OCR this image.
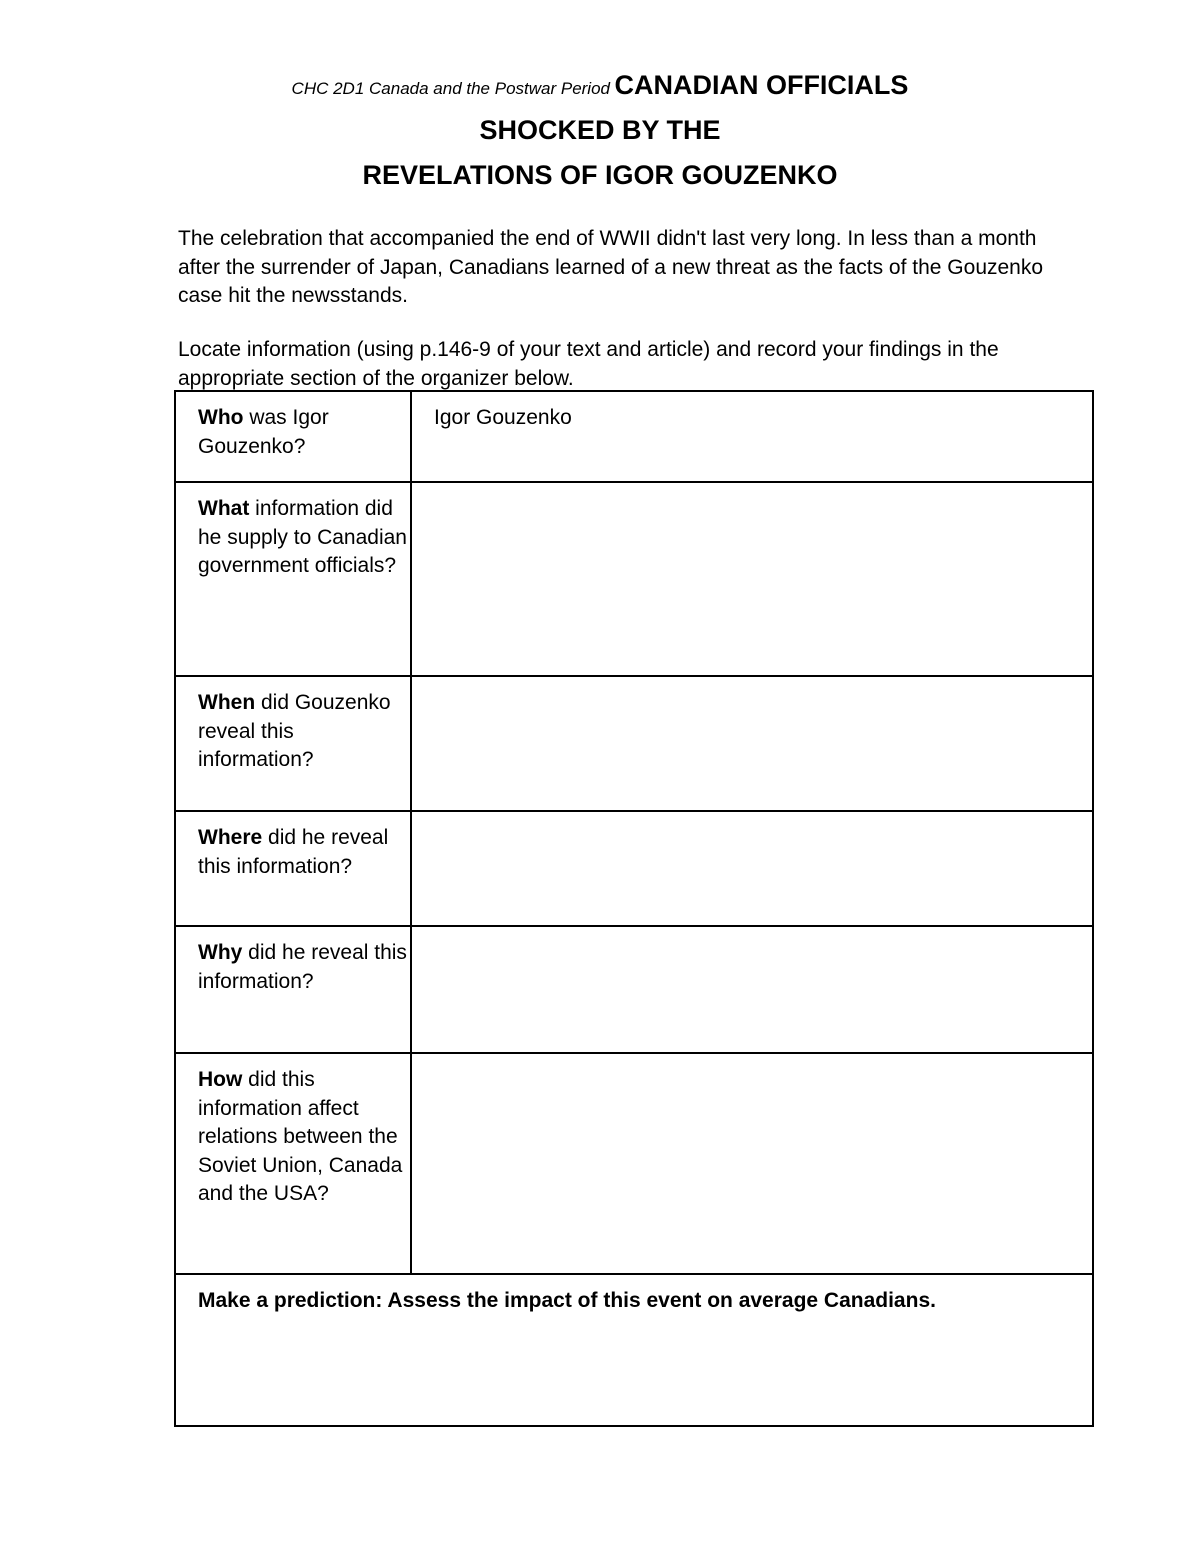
CHC 2D1 Canada and the Postwar Period CANADIAN OFFICIALS
SHOCKED BY THE
REVELATIONS OF IGOR GOUZENKO
The celebration that accompanied the end of WWII didn't last very long. In less than a month after the surrender of Japan, Canadians learned of a new threat as the facts of the Gouzenko case hit the newsstands.
Locate information (using p.146-9 of your text and article) and record your findings in the appropriate section of the organizer below.
Who was Igor Gouzenko?	Igor Gouzenko
What information did he supply to Canadian government officials?	
When did Gouzenko reveal this information?	
Where did he reveal this information?	
Why did he reveal this information?	
How did this information affect relations between the Soviet Union, Canada and the USA?	
Make a prediction: Assess the impact of this event on average Canadians.	
